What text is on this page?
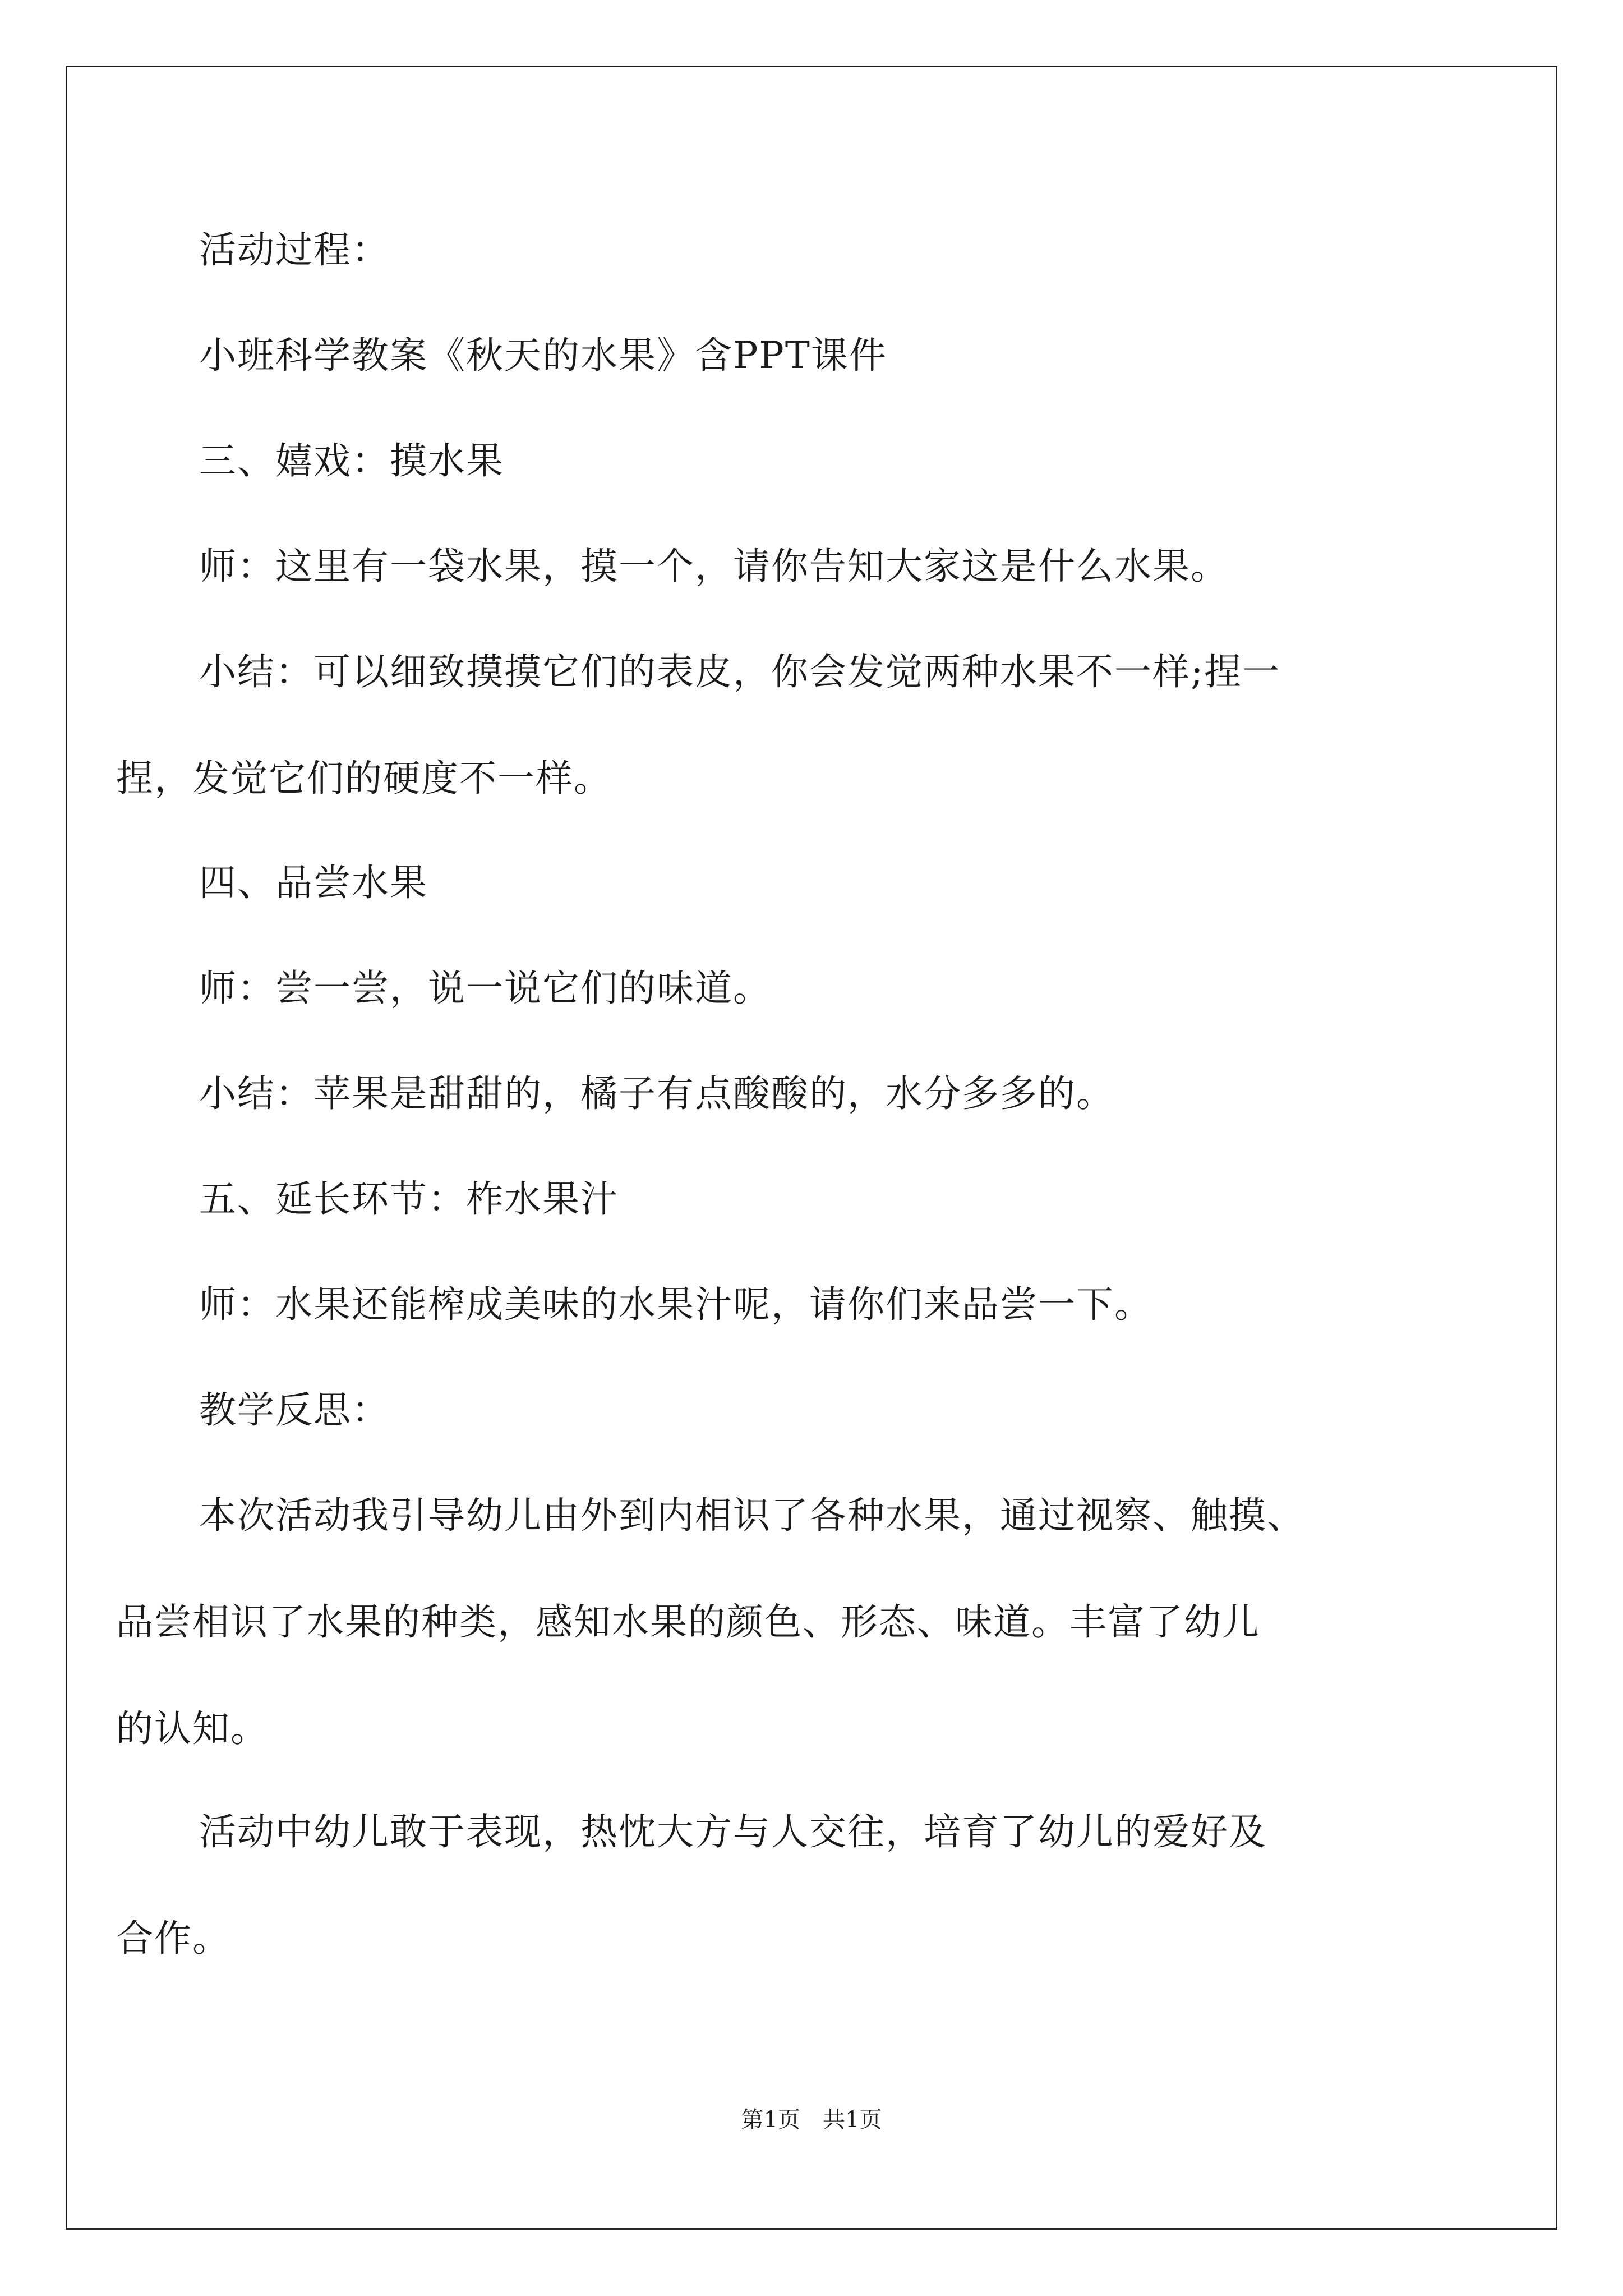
活动过程：
小班科学教案《秋天的水果》含PPT课件
三、嬉戏：摸水果
师：这里有一袋水果，摸一个，请你告知大家这是什么水果。
小结：可以细致摸摸它们的表皮，你会发觉两种水果不一样;捏一
捏，发觉它们的硬度不一样。
四、品尝水果
师：尝一尝，说一说它们的味道。
小结：苹果是甜甜的，橘子有点酸酸的，水分多多的。
五、延长环节：柞水果汁
师：水果还能榨成美味的水果汁呢，请你们来品尝一下。
教学反思：
本次活动我引导幼儿由外到内相识了各种水果，通过视察、触摸、
品尝相识了水果的种类，感知水果的颜色、形态、味道。丰富了幼儿
的认知。
活动中幼儿敢于表现，热忱大方与人交往，培育了幼儿的爱好及
合作。
第1页　共1页
